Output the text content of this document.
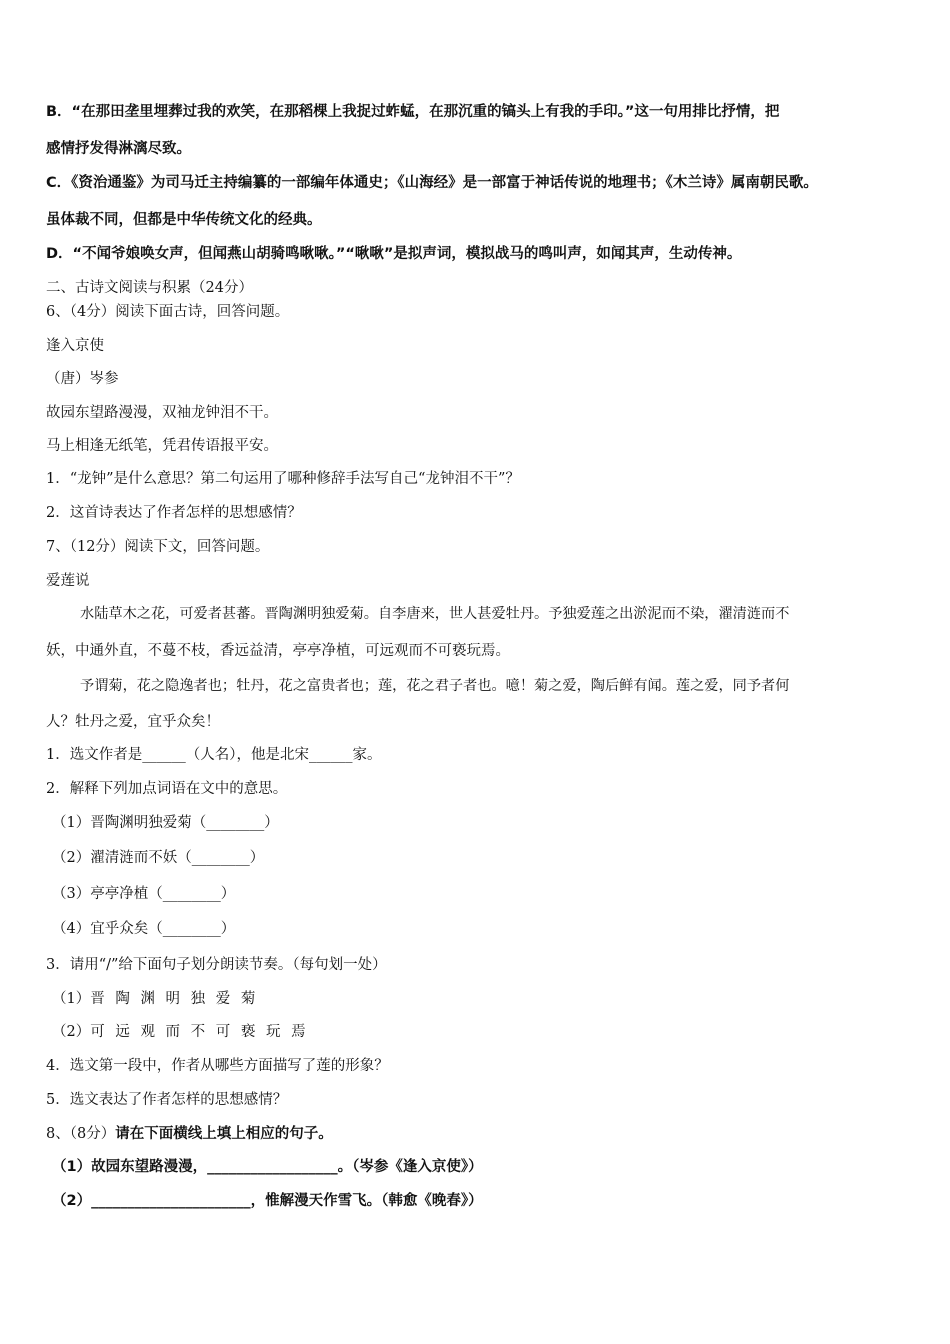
B．“在那田垄里埋葬过我的欢笑，在那稻棵上我捉过蚱蜢，在那沉重的镐头上有我的手印。”这一句用排比抒情，把
感情抒发得淋漓尽致。
C．《资治通鉴》为司马迁主持编纂的一部编年体通史；《山海经》是一部富于神话传说的地理书；《木兰诗》属南朝民歌。
虽体裁不同，但都是中华传统文化的经典。
D．“不闻爷娘唤女声，但闻燕山胡骑鸣啾啾。”“啾啾”是拟声词，模拟战马的鸣叫声，如闻其声，生动传神。
二、古诗文阅读与积累（24分）
6、（4分）阅读下面古诗，回答问题。
逢入京使
（唐）岑参
故园东望路漫漫，双袖龙钟泪不干。
马上相逢无纸笔，凭君传语报平安。
1．“龙钟”是什么意思？第二句运用了哪种修辞手法写自己“龙钟泪不干”？
2．这首诗表达了作者怎样的思想感情？
7、（12分）阅读下文，回答问题。
爱莲说
水陆草木之花，可爱者甚蕃。晋陶渊明独爱菊。自李唐来，世人甚爱牡丹。予独爱莲之出淤泥而不染，濯清涟而不
妖，中通外直，不蔓不枝，香远益清，亭亭净植，可远观而不可亵玩焉。
予谓菊，花之隐逸者也；牡丹，花之富贵者也；莲，花之君子者也。噫！菊之爱，陶后鲜有闻。莲之爱，同予者何
人？牡丹之爱，宜乎众矣！
1．选文作者是______（人名），他是北宋______家。
2．解释下列加点词语在文中的意思。
（1）晋陶渊明独爱菊（________）
（2）濯清涟而不妖（________）
（3）亭亭净植（________）
（4）宜乎众矣（________）
3．请用“/”给下面句子划分朗读节奏。（每句划一处）
（1）晋 陶 渊 明 独 爱 菊
（2）可 远 观 而 不 可 亵 玩 焉
4．选文第一段中，作者从哪些方面描写了莲的形象？
5．选文表达了作者怎样的思想感情？
8、（8分）请在下面横线上填上相应的句子。
（1）故园东望路漫漫，__________________。（岑参《逢入京使》）
（2）______________________，惟解漫天作雪飞。（韩愈《晚春》）
